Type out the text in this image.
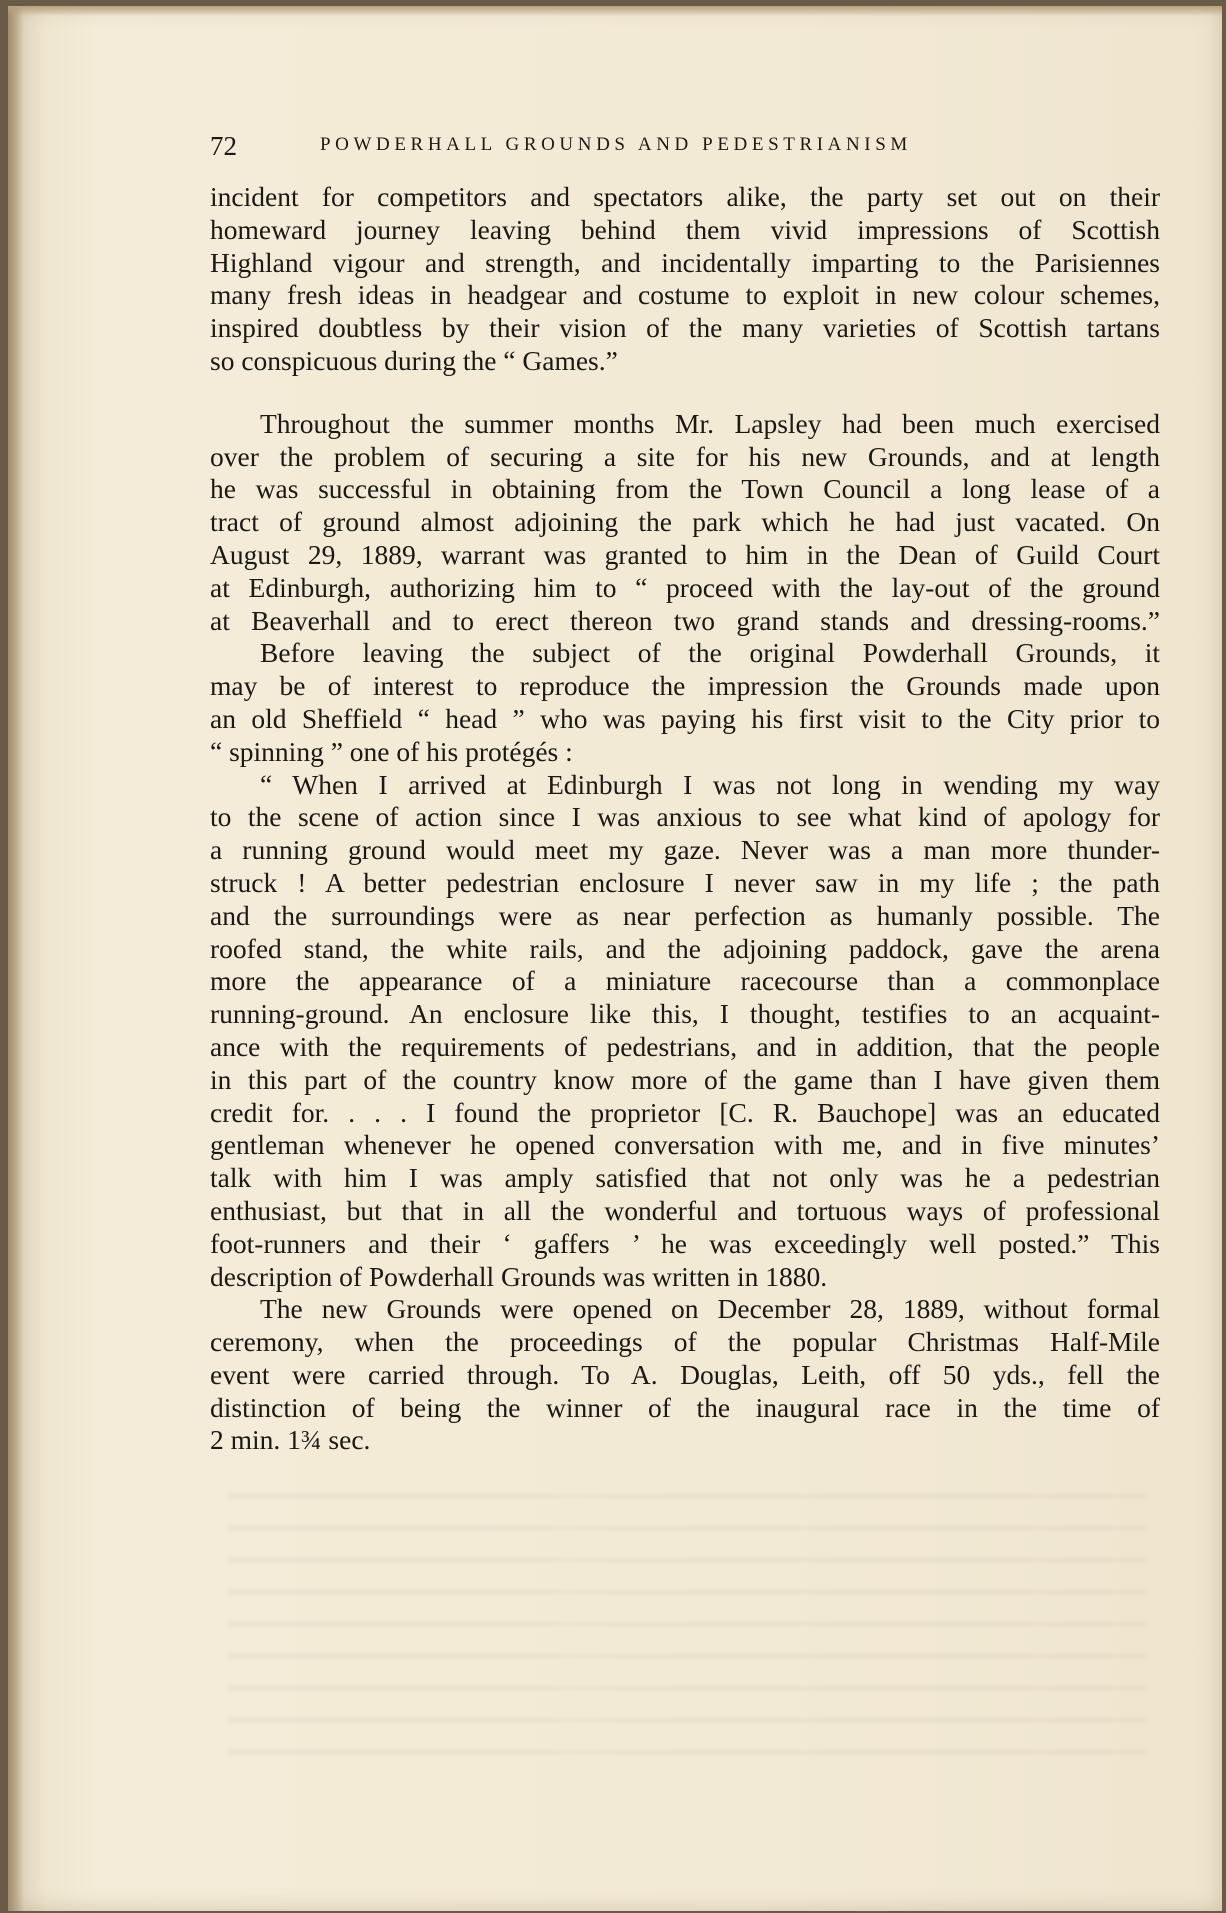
72	POWDERHALL GROUNDS AND PEDESTRIANISM
incident for competitors and spectators alike, the party set out on their
homeward journey leaving behind them vivid impressions of Scottish
Highland vigour and strength, and incidentally imparting to the Parisiennes
many fresh ideas in headgear and costume to exploit in new colour schemes,
inspired doubtless by their vision of the many varieties of Scottish tartans
so conspicuous during the “ Games.”
Throughout the summer months Mr. Lapsley had been much exercised
over the problem of securing a site for his new Grounds, and at length
he was successful in obtaining from the Town Council a long lease of a
tract of ground almost adjoining the park which he had just vacated. On
August 29, 1889, warrant was granted to him in the Dean of Guild Court
at Edinburgh, authorizing him to “ proceed with the lay-out of the ground
at Beaverhall and to erect thereon two grand stands and dressing-rooms.”
Before leaving the subject of the original Powderhall Grounds, it
may be of interest to reproduce the impression the Grounds made upon
an old Sheffield “ head ” who was paying his first visit to the City prior to
“ spinning ” one of his protégés :
“ When I arrived at Edinburgh I was not long in wending my way
to the scene of action since I was anxious to see what kind of apology for
a running ground would meet my gaze. Never was a man more thunder-
struck ! A better pedestrian enclosure I never saw in my life ; the path
and the surroundings were as near perfection as humanly possible. The
roofed stand, the white rails, and the adjoining paddock, gave the arena
more the appearance of a miniature racecourse than a commonplace
running-ground. An enclosure like this, I thought, testifies to an acquaint-
ance with the requirements of pedestrians, and in addition, that the people
in this part of the country know more of the game than I have given them
credit for. . . . I found the proprietor [C. R. Bauchope] was an educated
gentleman whenever he opened conversation with me, and in five minutes’
talk with him I was amply satisfied that not only was he a pedestrian
enthusiast, but that in all the wonderful and tortuous ways of professional
foot-runners and their ‘ gaffers ’ he was exceedingly well posted.” This
description of Powderhall Grounds was written in 1880.
The new Grounds were opened on December 28, 1889, without formal
ceremony, when the proceedings of the popular Christmas Half-Mile
event were carried through. To A. Douglas, Leith, off 50 yds., fell the
distinction of being the winner of the inaugural race in the time of
2 min. 1¾ sec.
